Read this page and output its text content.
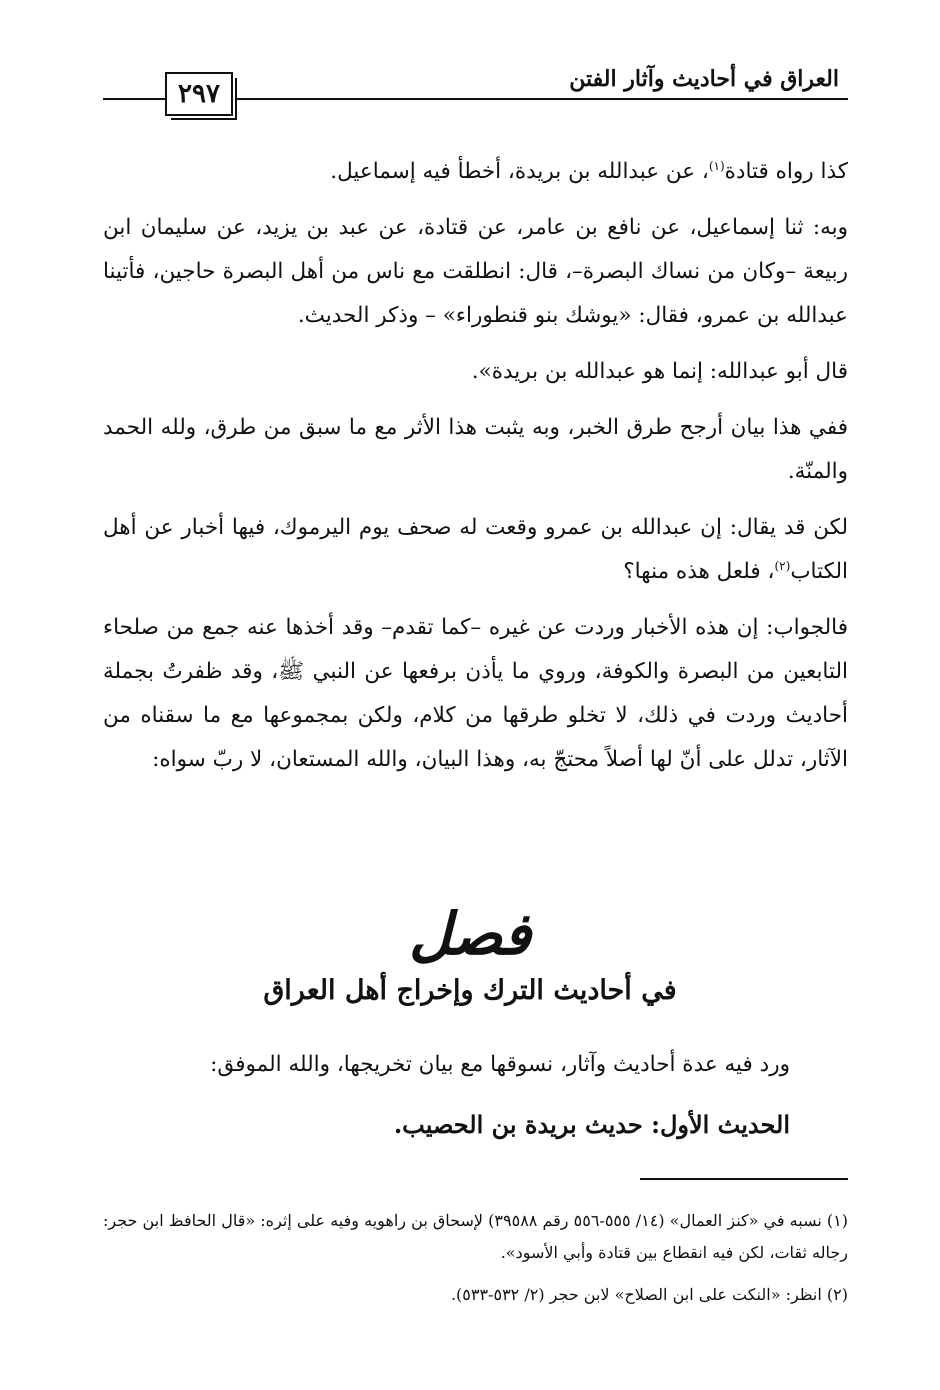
٢٩٧	العراق في أحاديث وآثار الفتن

كذا رواه قتادة$^{(١)}$، عن عبدالله بن بريدة، أخطأ فيه إسماعيل.

وبه: ثنا إسماعيل، عن نافع بن عامر، عن قتادة، عن عبد بن يزيد، عن سليمان ابن ربيعة –وكان من نساك البصرة–، قال: انطلقت مع ناس من أهل البصرة حاجين، فأتينا عبدالله بن عمرو، فقال: «يوشك بنو قنطوراء» – وذكر الحديث.

قال أبو عبدالله: إنما هو عبدالله بن بريدة».

ففي هذا بيان أرجح طرق الخبر، وبه يثبت هذا الأثر مع ما سبق من طرق، ولله الحمد والمنّة.

لكن قد يقال: إن عبدالله بن عمرو وقعت له صحف يوم اليرموك، فيها أخبار عن أهل الكتاب$^{(٢)}$، فلعل هذه منها؟

فالجواب: إن هذه الأخبار وردت عن غيره –كما تقدم– وقد أخذها عنه جمع من صلحاء التابعين من البصرة والكوفة، وروي ما يأذن برفعها عن النبي ﷺ، وقد ظفرتُ بجملة أحاديث وردت في ذلك، لا تخلو طرقها من كلام، ولكن بمجموعها مع ما سقناه من الآثار، تدلل على أنّ لها أصلاً محتجّ به، وهذا البيان، والله المستعان، لا ربّ سواه:

فصل
في أحاديث الترك وإخراج أهل العراق
ورد فيه عدة أحاديث وآثار، نسوقها مع بيان تخريجها، والله الموفق:
الحديث الأول: حديث بريدة بن الحصيب.

(١) نسبه في «كنز العمال» (١٤/ ٥٥٥-٥٥٦ رقم ٣٩٥٨٨) لإسحاق بن راهويه وفيه على إثره: «قال الحافظ ابن حجر: رجاله ثقات، لكن فيه انقطاع بين قتادة وأبي الأسود».

(٢) انظر: «النكت على ابن الصلاح» لابن حجر (٢/ ٥٣٢-٥٣٣).
